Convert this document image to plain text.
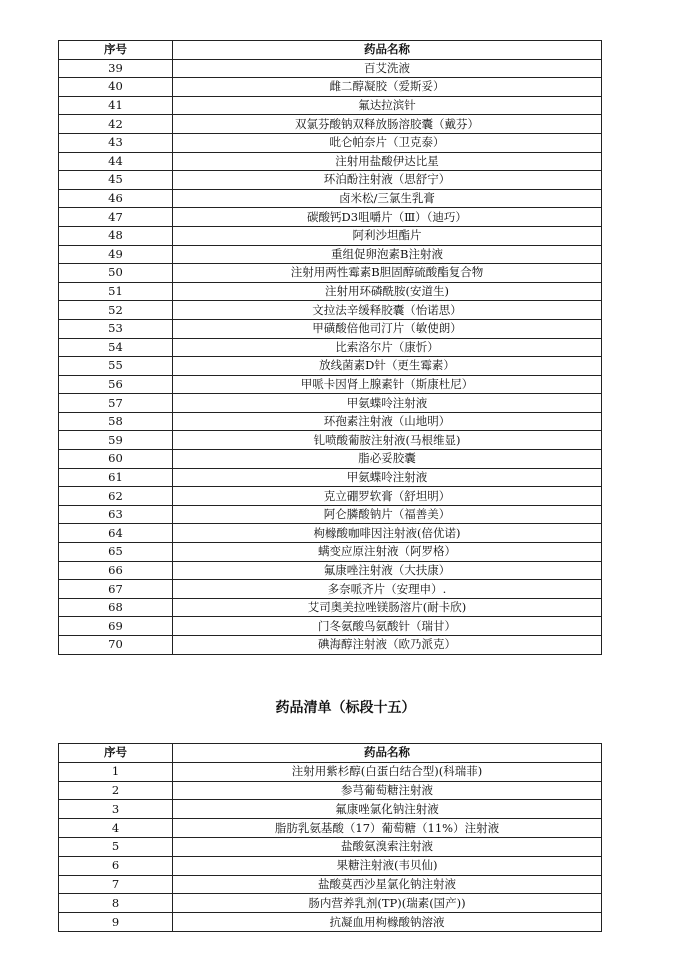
序号	药品名称
39	百艾洗液
40	雌二醇凝胶（爱斯妥）
41	氟达拉滨针
42	双氯芬酸钠双释放肠溶胶囊（戴芬）
43	吡仑帕奈片（卫克泰）
44	注射用盐酸伊达比星
45	环泊酚注射液（思舒宁）
46	卤米松/三氯生乳膏
47	碳酸钙D3咀嚼片（Ⅲ）（迪巧）
48	阿利沙坦酯片
49	重组促卵泡素B注射液
50	注射用两性霉素B胆固醇硫酸酯复合物
51	注射用环磷酰胺(安道生)
52	文拉法辛缓释胶囊（怡诺思）
53	甲磺酸倍他司汀片（敏使朗）
54	比索洛尔片（康忻）
55	放线菌素D针（更生霉素）
56	甲哌卡因肾上腺素针（斯康杜尼）
57	甲氨蝶呤注射液
58	环孢素注射液（山地明）
59	钆喷酸葡胺注射液(马根维显)
60	脂必妥胶囊
61	甲氨蝶呤注射液
62	克立硼罗软膏（舒坦明）
63	阿仑膦酸钠片（福善美）
64	枸橼酸咖啡因注射液(倍优诺)
65	螨变应原注射液（阿罗格）
66	氟康唑注射液（大扶康）
67	多奈哌齐片（安理申）.
68	艾司奥美拉唑镁肠溶片(耐卡欣)
69	门冬氨酸鸟氨酸针（瑞甘）
70	碘海醇注射液（欧乃派克）
药品清单（标段十五）
序号	药品名称
1	注射用紫杉醇(白蛋白结合型)(科瑞菲)
2	参芎葡萄糖注射液
3	氟康唑氯化钠注射液
4	脂肪乳氨基酸（17）葡萄糖（11%）注射液
5	盐酸氨溴索注射液
6	果糖注射液(韦贝仙)
7	盐酸莫西沙星氯化钠注射液
8	肠内营养乳剂(TP)(瑞素(国产))
9	抗凝血用枸橼酸钠溶液
